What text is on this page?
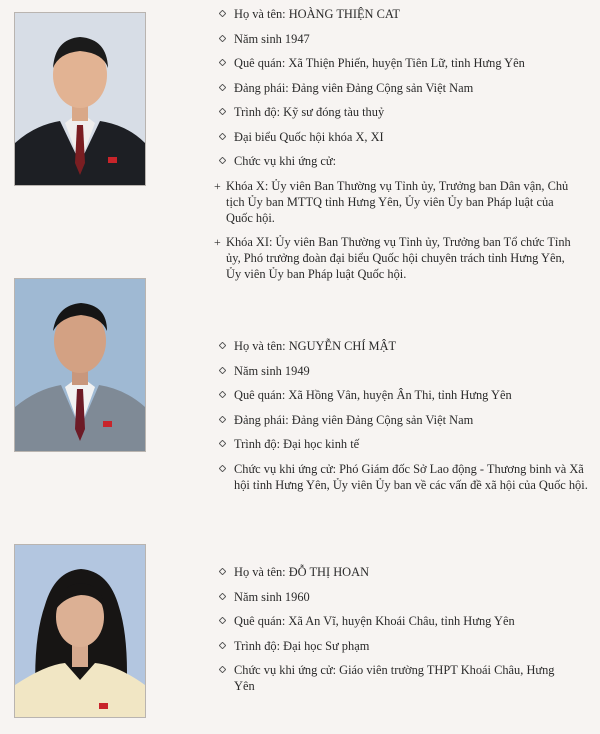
Họ và tên: HOÀNG THIỆN CAT
Năm sinh 1947
Quê quán: Xã Thiện Phiến, huyện Tiên Lữ, tỉnh Hưng Yên
Đảng phái: Đảng viên Đảng Cộng sản Việt Nam
Trình độ: Kỹ sư đóng tàu thuỷ
Đại biểu Quốc hội khóa X, XI
Chức vụ khi ứng cử:
+ Khóa X: Ủy viên Ban Thường vụ Tỉnh ủy, Trưởng ban Dân vận, Chủ tịch Ủy ban MTTQ tỉnh Hưng Yên, Ủy viên Ủy ban Pháp luật của Quốc hội.
+ Khóa XI: Ủy viên Ban Thường vụ Tỉnh ủy, Trưởng ban Tổ chức Tỉnh ủy, Phó trưởng đoàn đại biểu Quốc hội chuyên trách tỉnh Hưng Yên, Ủy viên Ủy ban Pháp luật Quốc hội.
Họ và tên: NGUYỄN CHÍ MẬT
Năm sinh 1949
Quê quán: Xã Hồng Vân, huyện Ân Thi, tỉnh Hưng Yên
Đảng phái: Đảng viên Đảng Cộng sản Việt Nam
Trình độ: Đại học kinh tế
Chức vụ khi ứng cử: Phó Giám đốc Sở Lao động - Thương binh và Xã hội tỉnh Hưng Yên, Ủy viên Ủy ban về các vấn đề xã hội của Quốc hội.
Họ và tên: ĐỖ THỊ HOAN
Năm sinh 1960
Quê quán: Xã An Vĩ, huyện Khoái Châu, tỉnh Hưng Yên
Trình độ: Đại học Sư phạm
Chức vụ khi ứng cử: Giáo viên trường THPT Khoái Châu, Hưng Yên
